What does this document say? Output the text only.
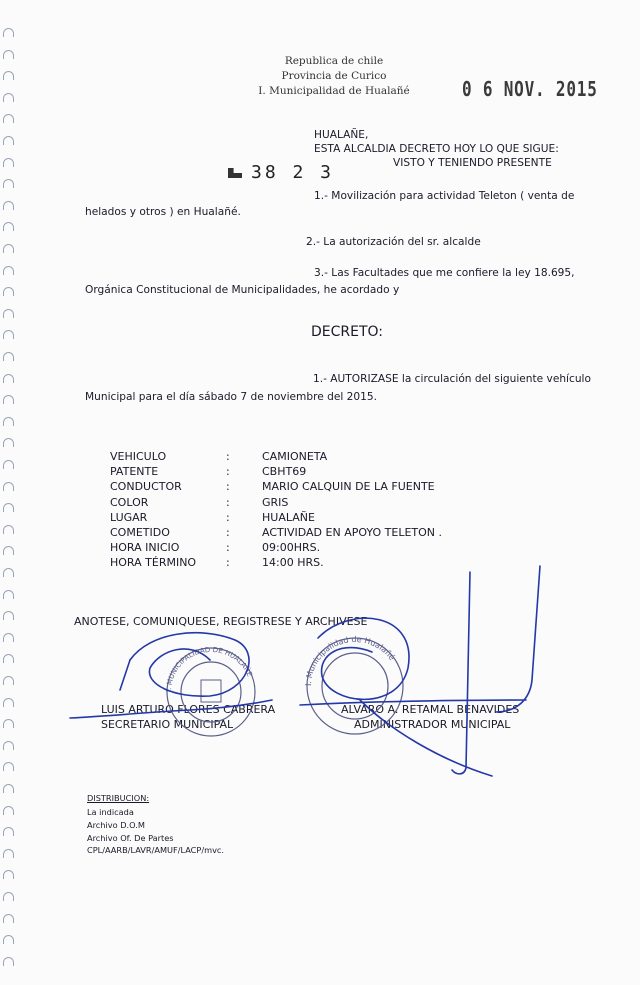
Republica de chile
Provincia de Curico
I. Municipalidad de Hualañé	0 6 NOV. 2015
38 2 3
HUALAÑE,
ESTA ALCALDIA DECRETO HOY LO QUE SIGUE:
VISTO Y TENIENDO PRESENTE
1.- Movilización para actividad Teleton ( venta de
helados y otros ) en Hualañé.
2.- La autorización del sr. alcalde
3.- Las Facultades que me confiere la ley 18.695,
Orgánica Constitucional de Municipalidades, he acordado y
DECRETO:
1.- AUTORIZASE la circulación del siguiente vehículo
Municipal para el día sábado 7 de noviembre del 2015.
VEHICULO	:	CAMIONETA
PATENTE	:	CBHT69
CONDUCTOR	:	MARIO CALQUIN DE LA FUENTE
COLOR	:	GRIS
LUGAR	:	HUALAÑE
COMETIDO	:	ACTIVIDAD EN APOYO TELETON .
HORA INICIO	:	09:00HRS.
HORA TÉRMINO	:	14:00 HRS.
ANOTESE, COMUNIQUESE, REGISTRESE Y ARCHIVESE
LUIS ARTURO FLORES CABRERA
SECRETARIO MUNICIPAL
ALVARO A. RETAMAL BENAVIDES
ADMINISTRADOR MUNICIPAL
I. MUNICIPALIDAD DE HUALAÑE
I. Municipalidad de Hualañé
DISTRIBUCION:
La indicada
Archivo D.O.M
Archivo Of. De Partes
CPL/AARB/LAVR/AMUF/LACP/mvc.
